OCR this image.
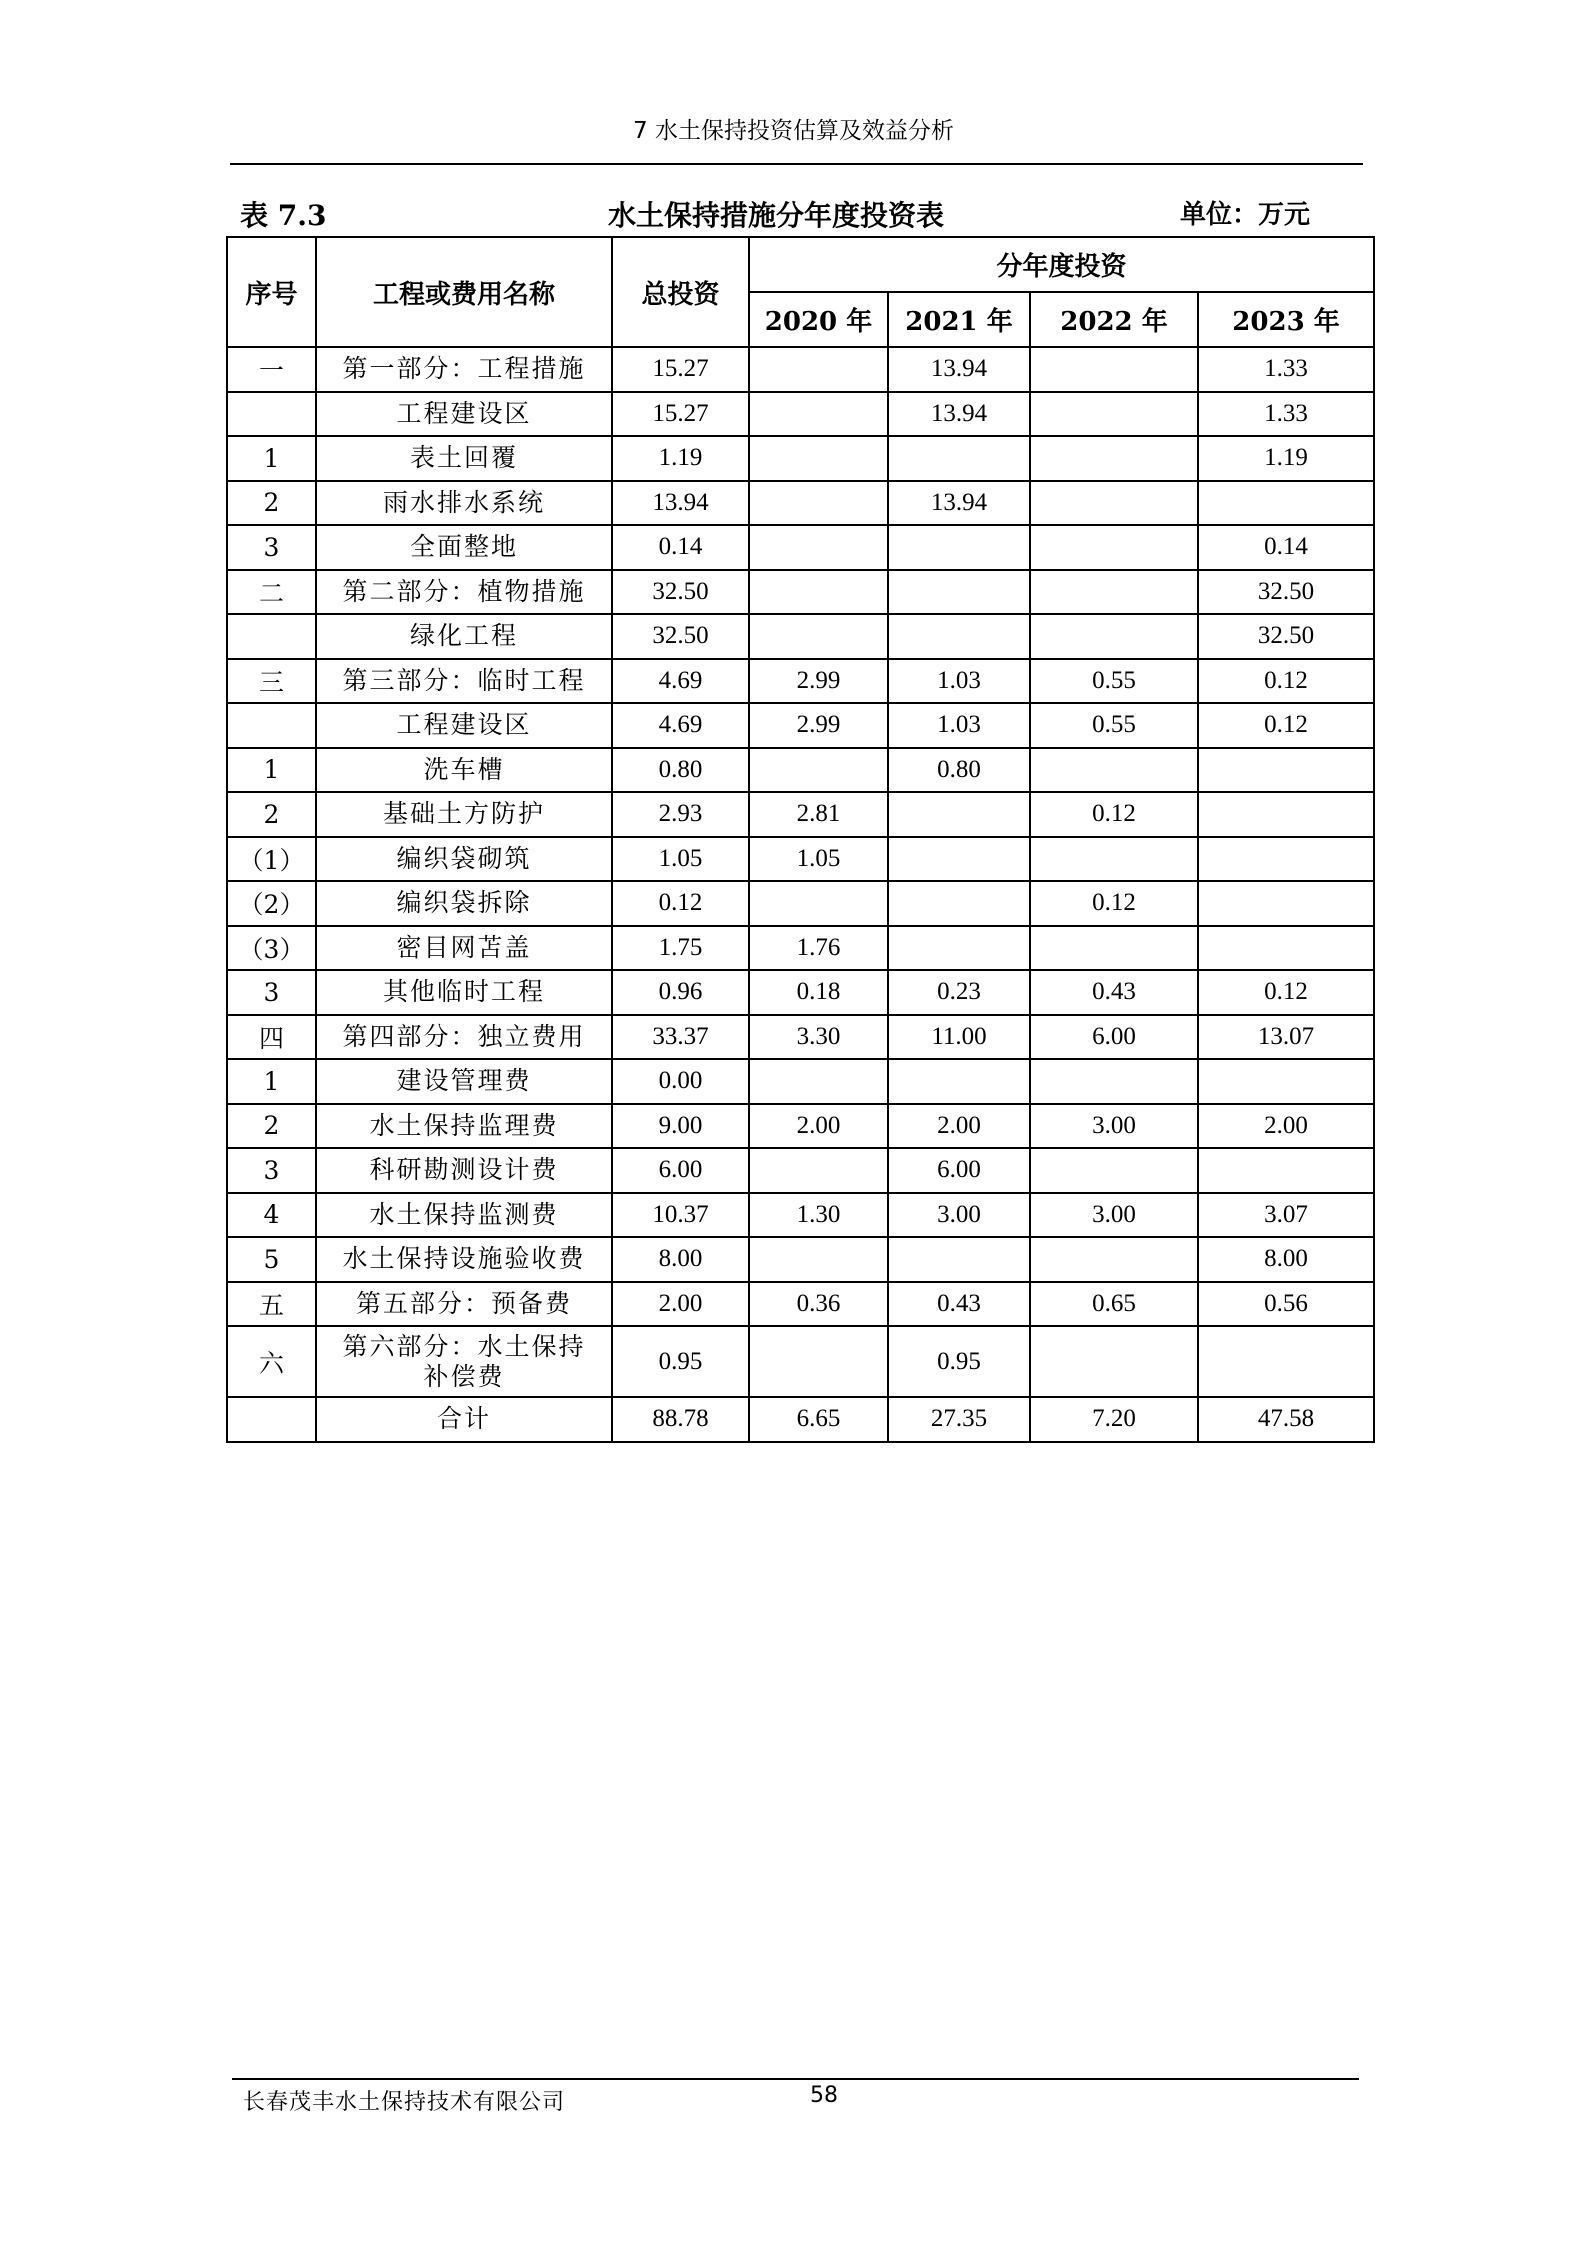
7 水土保持投资估算及效益分析
表 7.3	水土保持措施分年度投资表	单位：万元
序号	工程或费用名称	总投资	分年度投资			
			2020 年	2021 年	2022 年	2023 年
一	第一部分：工程措施	15.27		13.94		1.33
	工程建设区	15.27		13.94		1.33
1	表土回覆	1.19				1.19
2	雨水排水系统	13.94		13.94		
3	全面整地	0.14				0.14
二	第二部分：植物措施	32.50				32.50
	绿化工程	32.50				32.50
三	第三部分：临时工程	4.69	2.99	1.03	0.55	0.12
	工程建设区	4.69	2.99	1.03	0.55	0.12
1	洗车槽	0.80		0.80		
2	基础土方防护	2.93	2.81		0.12	
（1）	编织袋砌筑	1.05	1.05			
（2）	编织袋拆除	0.12			0.12	
（3）	密目网苫盖	1.75	1.76			
3	其他临时工程	0.96	0.18	0.23	0.43	0.12
四	第四部分：独立费用	33.37	3.30	11.00	6.00	13.07
1	建设管理费	0.00				
2	水土保持监理费	9.00	2.00	2.00	3.00	2.00
3	科研勘测设计费	6.00		6.00		
4	水土保持监测费	10.37	1.30	3.00	3.00	3.07
5	水土保持设施验收费	8.00				8.00
五	第五部分：预备费	2.00	0.36	0.43	0.65	0.56
六	第六部分：水土保持
补偿费	0.95		0.95		
	合计	88.78	6.65	27.35	7.20	47.58
长春茂丰水土保持技术有限公司	58
